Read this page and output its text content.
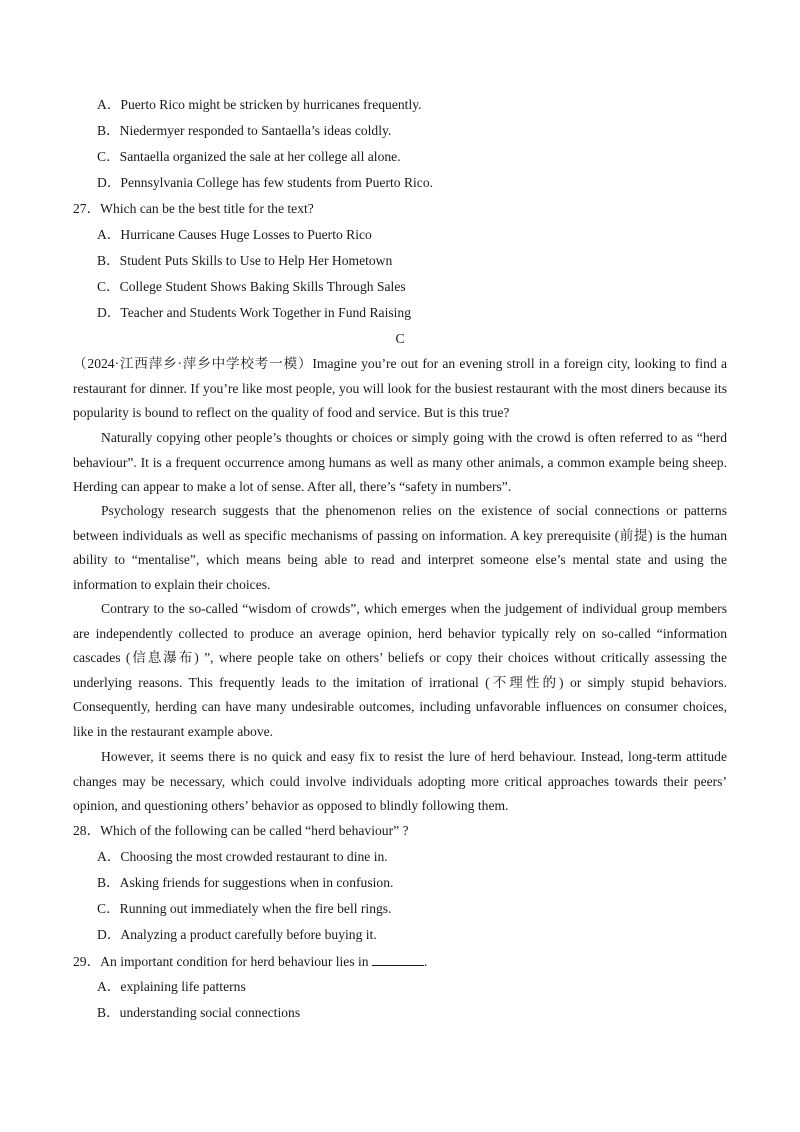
A．Puerto Rico might be stricken by hurricanes frequently.
B．Niedermyer responded to Santaella’s ideas coldly.
C．Santaella organized the sale at her college all alone.
D．Pennsylvania College has few students from Puerto Rico.
27．Which can be the best title for the text?
A．Hurricane Causes Huge Losses to Puerto Rico
B．Student Puts Skills to Use to Help Her Hometown
C．College Student Shows Baking Skills Through Sales
D．Teacher and Students Work Together in Fund Raising
C

（2024·江西萍乡·萍乡中学校考一模）Imagine you’re out for an evening stroll in a foreign city, looking to find a restaurant for dinner. If you’re like most people, you will look for the busiest restaurant with the most diners because its popularity is bound to reflect on the quality of food and service. But is this true?

Naturally copying other people’s thoughts or choices or simply going with the crowd is often referred to as “herd behaviour”. It is a frequent occurrence among humans as well as many other animals, a common example being sheep. Herding can appear to make a lot of sense. After all, there’s “safety in numbers”.

Psychology research suggests that the phenomenon relies on the existence of social connections or patterns between individuals as well as specific mechanisms of passing on information. A key prerequisite (前提) is the human ability to “mentalise”, which means being able to read and interpret someone else’s mental state and using the information to explain their choices.

Contrary to the so-called “wisdom of crowds”, which emerges when the judgement of individual group members are independently collected to produce an average opinion, herd behavior typically rely on so-called “information cascades (信息瀑布) ”, where people take on others’ beliefs or copy their choices without critically assessing the underlying reasons. This frequently leads to the imitation of irrational (不理性的) or simply stupid behaviors. Consequently, herding can have many undesirable outcomes, including unfavorable influences on consumer choices, like in the restaurant example above.

However, it seems there is no quick and easy fix to resist the lure of herd behaviour. Instead, long-term attitude changes may be necessary, which could involve individuals adopting more critical approaches towards their peers’ opinion, and questioning others’ behavior as opposed to blindly following them.

28．Which of the following can be called “herd behaviour” ?
A．Choosing the most crowded restaurant to dine in.
B．Asking friends for suggestions when in confusion.
C．Running out immediately when the fire bell rings.
D．Analyzing a product carefully before buying it.
29．An important condition for herd behaviour lies in	.
A．explaining life patterns
B．understanding social connections
